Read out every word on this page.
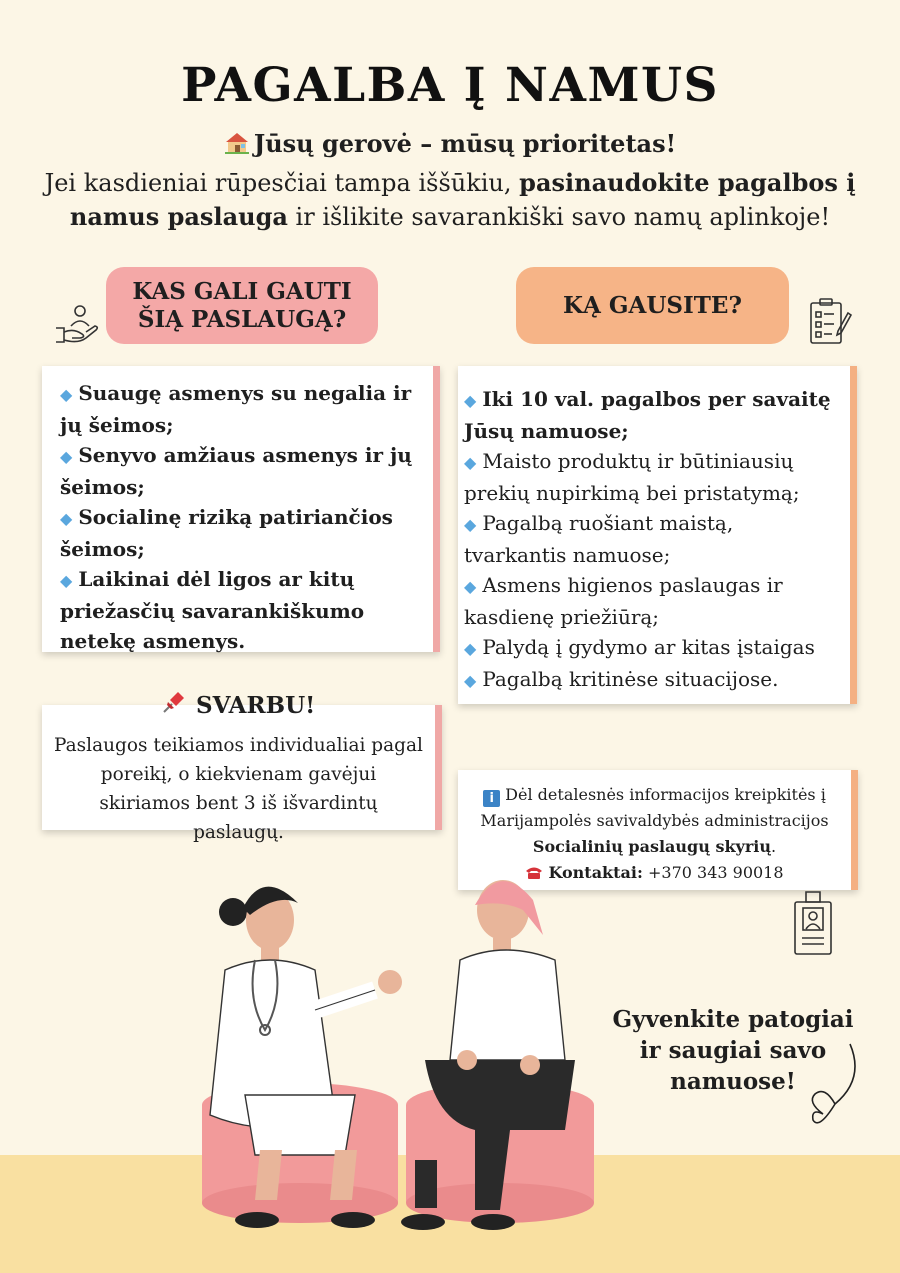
PAGALBA Į NAMUS
Jūsų gerovė – mūsų prioritetas!

Jei kasdieniai rūpesčiai tampa iššūkiu, pasinaudokite pagalbos į namus paslauga ir išlikite savarankiški savo namų aplinkoje!

KAS GALI GAUTI ŠIĄ PASLAUGĄ?
KĄ GAUSITE?
◆ Suaugę asmenys su negalia ir jų šeimos;
◆ Senyvo amžiaus asmenys ir jų šeimos;
◆ Socialinę riziką patiriančios šeimos;
◆ Laikinai dėl ligos ar kitų priežasčių savarankiškumo netekę asmenys.
◆ Iki 10 val. pagalbos per savaitę Jūsų namuose;
◆ Maisto produktų ir būtiniausių prekių nupirkimą bei pristatymą;
◆ Pagalbą ruošiant maistą, tvarkantis namuose;
◆ Asmens higienos paslaugas ir kasdienę priežiūrą;
◆ Palydą į gydymo ar kitas įstaigas
◆ Pagalbą kritinėse situacijose.

Paslaugos teikiamos individualiai pagal poreikį, o kiekvienam gavėjui skiriamos bent 3 iš išvardintų paslaugų.

SVARBU!

i Dėl detalesnės informacijos kreipkitės į Marijampolės savivaldybės administracijos Socialinių paslaugų skyrių.

Kontaktai: +370 343 90018

Gyvenkite patogiai
ir saugiai savo
namuose!
